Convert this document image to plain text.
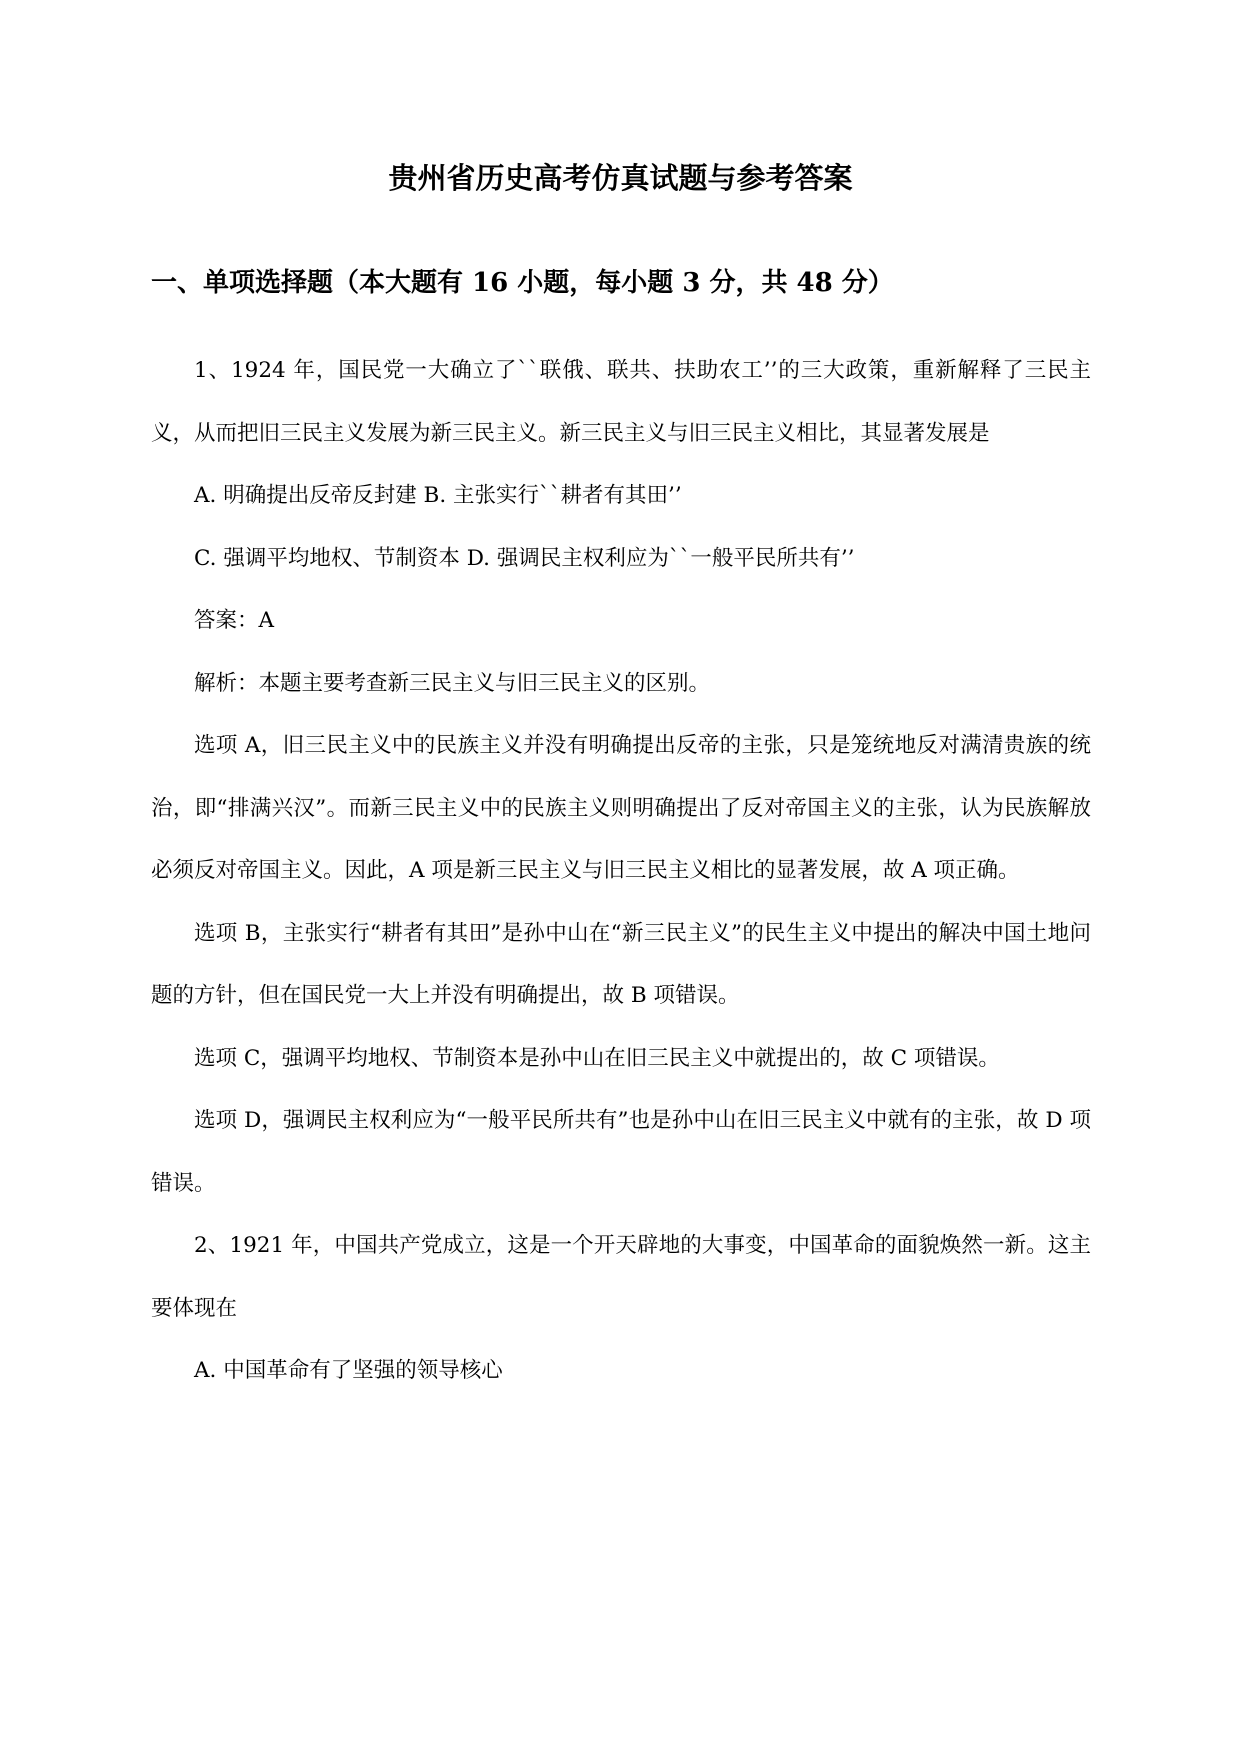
贵州省历史高考仿真试题与参考答案
一、单项选择题（本大题有 16 小题，每小题 3 分，共 48 分）

1、1924 年，国民党一大确立了``联俄、联共、扶助农工’’的三大政策，重新解释了三民主义，从而把旧三民主义发展为新三民主义。新三民主义与旧三民主义相比，其显著发展是

A. 明确提出反帝反封建 B. 主张实行``耕者有其田’’

C. 强调平均地权、节制资本 D. 强调民主权利应为``一般平民所共有’’

答案：A

解析：本题主要考查新三民主义与旧三民主义的区别。

选项 A，旧三民主义中的民族主义并没有明确提出反帝的主张，只是笼统地反对满清贵族的统治，即“排满兴汉”。而新三民主义中的民族主义则明确提出了反对帝国主义的主张，认为民族解放必须反对帝国主义。因此，A 项是新三民主义与旧三民主义相比的显著发展，故 A 项正确。

选项 B，主张实行“耕者有其田”是孙中山在“新三民主义”的民生主义中提出的解决中国土地问题的方针，但在国民党一大上并没有明确提出，故 B 项错误。

选项 C，强调平均地权、节制资本是孙中山在旧三民主义中就提出的，故 C 项错误。

选项 D，强调民主权利应为“一般平民所共有”也是孙中山在旧三民主义中就有的主张，故 D 项错误。

2、1921 年，中国共产党成立，这是一个开天辟地的大事变，中国革命的面貌焕然一新。这主要体现在

A. 中国革命有了坚强的领导核心
